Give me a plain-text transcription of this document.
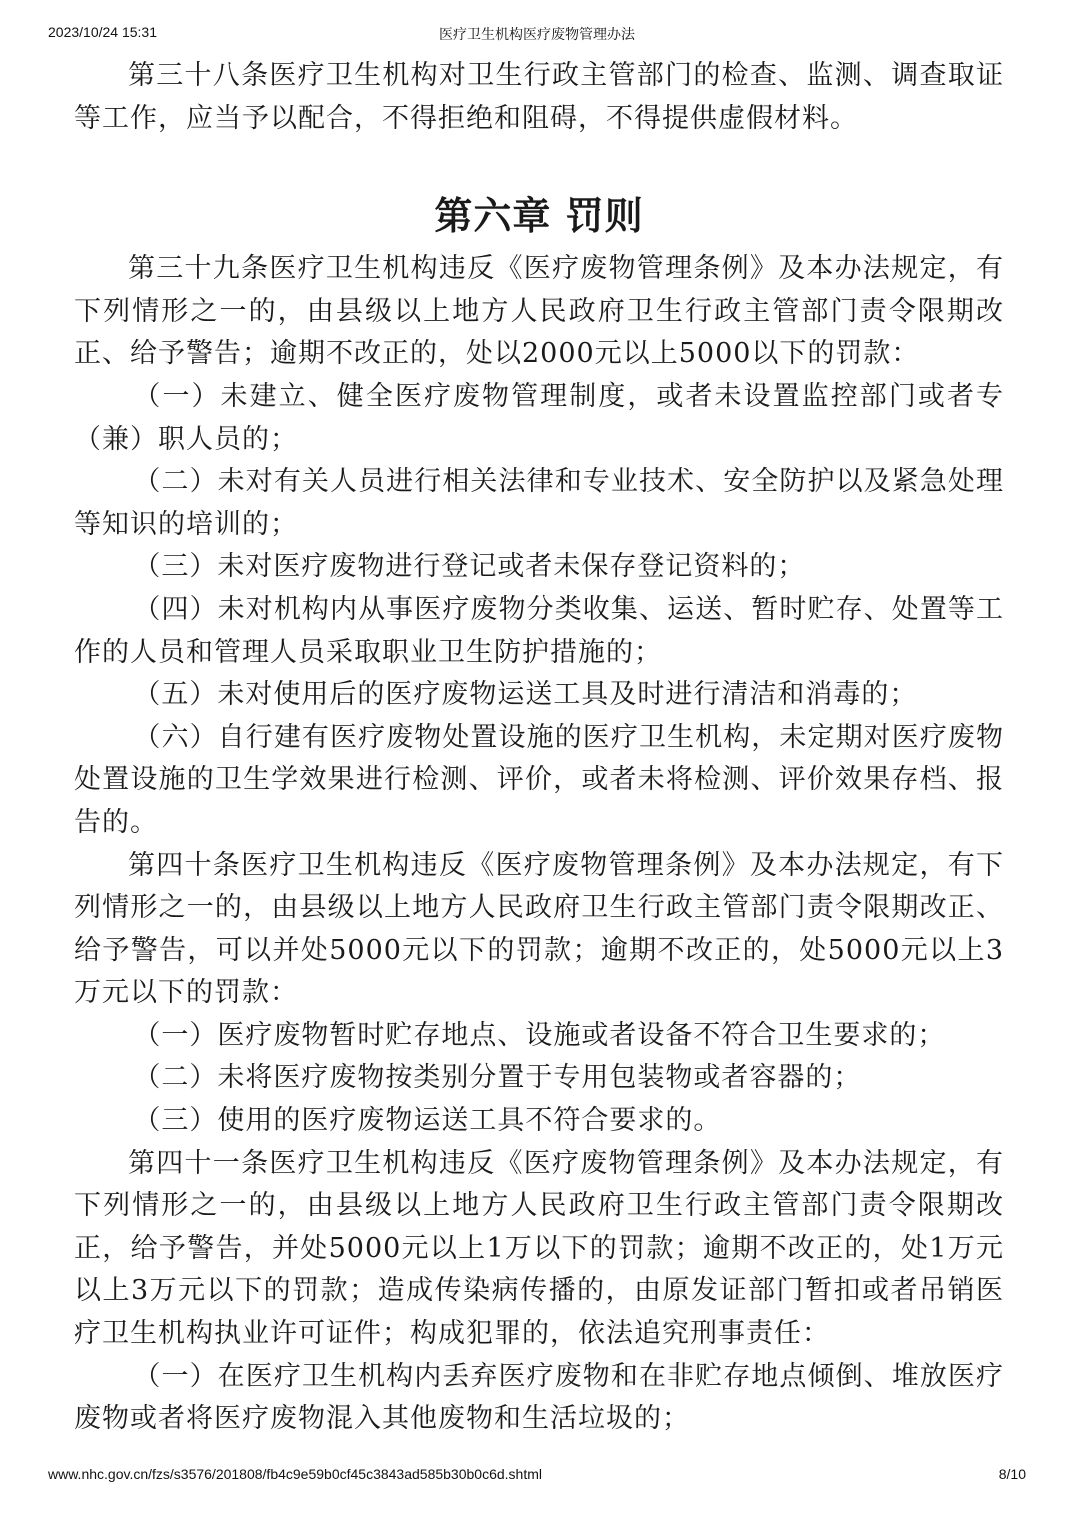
2023/10/24 15:31	医疗卫生机构医疗废物管理办法

第三十八条医疗卫生机构对卫生行政主管部门的检查、监测、调查取证等工作，应当予以配合，不得拒绝和阻碍，不得提供虚假材料。

第六章 罚则

第三十九条医疗卫生机构违反《医疗废物管理条例》及本办法规定，有下列情形之一的，由县级以上地方人民政府卫生行政主管部门责令限期改正、给予警告；逾期不改正的，处以2000元以上5000以下的罚款：

（一）未建立、健全医疗废物管理制度，或者未设置监控部门或者专（兼）职人员的；

（二）未对有关人员进行相关法律和专业技术、安全防护以及紧急处理等知识的培训的；

（三）未对医疗废物进行登记或者未保存登记资料的；

（四）未对机构内从事医疗废物分类收集、运送、暂时贮存、处置等工作的人员和管理人员采取职业卫生防护措施的；

（五）未对使用后的医疗废物运送工具及时进行清洁和消毒的；

（六）自行建有医疗废物处置设施的医疗卫生机构，未定期对医疗废物处置设施的卫生学效果进行检测、评价，或者未将检测、评价效果存档、报告的。

第四十条医疗卫生机构违反《医疗废物管理条例》及本办法规定，有下列情形之一的，由县级以上地方人民政府卫生行政主管部门责令限期改正、给予警告，可以并处5000元以下的罚款；逾期不改正的，处5000元以上3万元以下的罚款：

（一）医疗废物暂时贮存地点、设施或者设备不符合卫生要求的；

（二）未将医疗废物按类别分置于专用包装物或者容器的；

（三）使用的医疗废物运送工具不符合要求的。

第四十一条医疗卫生机构违反《医疗废物管理条例》及本办法规定，有下列情形之一的，由县级以上地方人民政府卫生行政主管部门责令限期改正，给予警告，并处5000元以上1万以下的罚款；逾期不改正的，处1万元以上3万元以下的罚款；造成传染病传播的，由原发证部门暂扣或者吊销医疗卫生机构执业许可证件；构成犯罪的，依法追究刑事责任：

（一）在医疗卫生机构内丢弃医疗废物和在非贮存地点倾倒、堆放医疗废物或者将医疗废物混入其他废物和生活垃圾的；

www.nhc.gov.cn/fzs/s3576/201808/fb4c9e59b0cf45c3843ad585b30b0c6d.shtml	8/10
